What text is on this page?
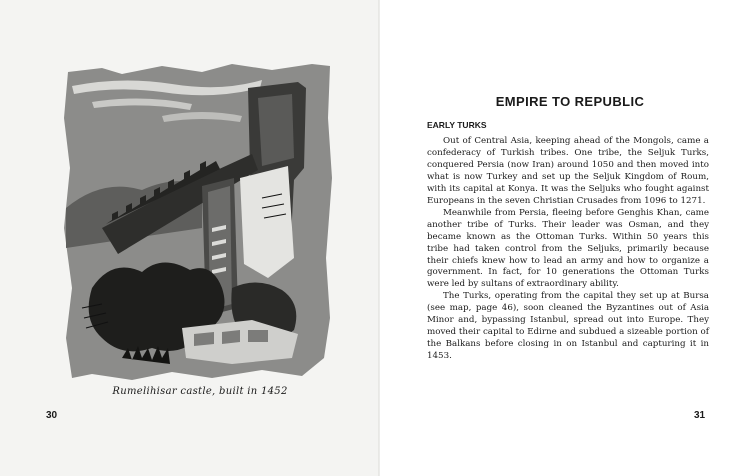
Rumelihisar castle, built in 1452
30
EMPIRE TO REPUBLIC
EARLY TURKS

Out of Central Asia, keeping ahead of the Mongols, came a confederacy of Turkish tribes. One tribe, the Seljuk Turks, conquered Persia (now Iran) around 1050 and then moved into what is now Turkey and set up the Seljuk Kingdom of Roum, with its capital at Konya. It was the Seljuks who fought against Europeans in the seven Christian Crusades from 1096 to 1271.

Meanwhile from Persia, fleeing before Genghis Khan, came another tribe of Turks. Their leader was Osman, and they became known as the Ottoman Turks. Within 50 years this tribe had taken control from the Seljuks, primarily because their chiefs knew how to lead an army and how to organize a government. In fact, for 10 generations the Ottoman Turks were led by sultans of extraordinary ability.

The Turks, operating from the capital they set up at Bursa (see map, page 46), soon cleaned the Byzantines out of Asia Minor and, bypassing Istanbul, spread out into Europe. They moved their capital to Edirne and subdued a sizeable portion of the Balkans before closing in on Istanbul and capturing it in 1453.

31
